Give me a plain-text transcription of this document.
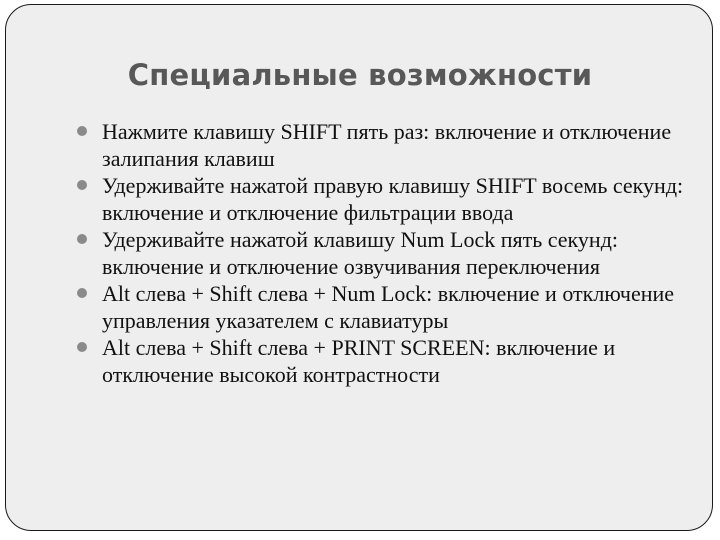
Специальные возможности
Нажмите клавишу SHIFT пять раз: включение и отключение залипания клавиш
Удерживайте нажатой правую клавишу SHIFT восемь секунд: включение и отключение фильтрации ввода
Удерживайте нажатой клавишу Num Lock пять секунд: включение и отключение озвучивания переключения
Alt слева + Shift слева + Num Lock: включение и отключение управления указателем с клавиатуры
Alt слева + Shift слева + PRINT SCREEN: включение и отключение высокой контрастности
